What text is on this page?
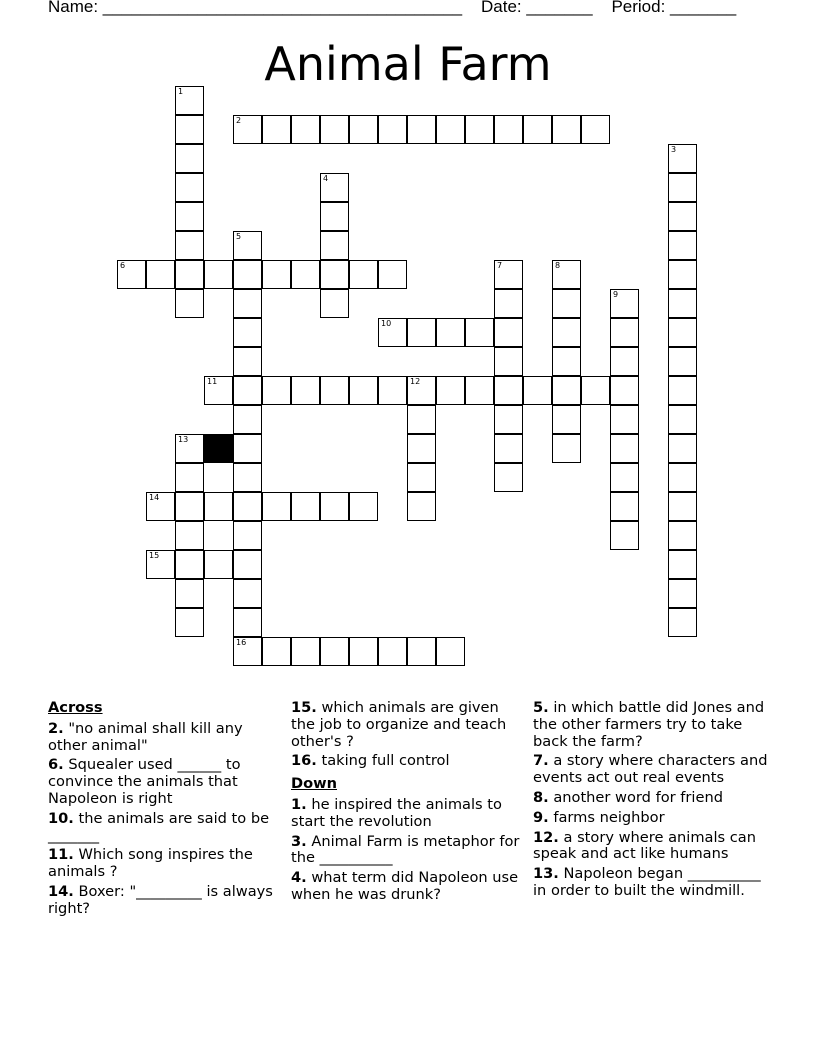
Name: ______________________________________ Date: _______ Period: _______
Animal Farm
2
6
10
11	12
14
15
16
1
3
4
5
7	8
9
13
Across
2. "no animal shall kill any other animal"
6. Squealer used ______ to convince the animals that Napoleon is right
10. the animals are said to be _______
11. Which song inspires the animals ?
14. Boxer: "_________ is always right?
15. which animals are given the job to organize and teach other's ?
16. taking full control
Down
1. he inspired the animals to start the revolution
3. Animal Farm is metaphor for the __________
4. what term did Napoleon use when he was drunk?
5. in which battle did Jones and the other farmers try to take back the farm?
7. a story where characters and events act out real events
8. another word for friend
9. farms neighbor
12. a story where animals can speak and act like humans
13. Napoleon began __________ in order to built the windmill.
